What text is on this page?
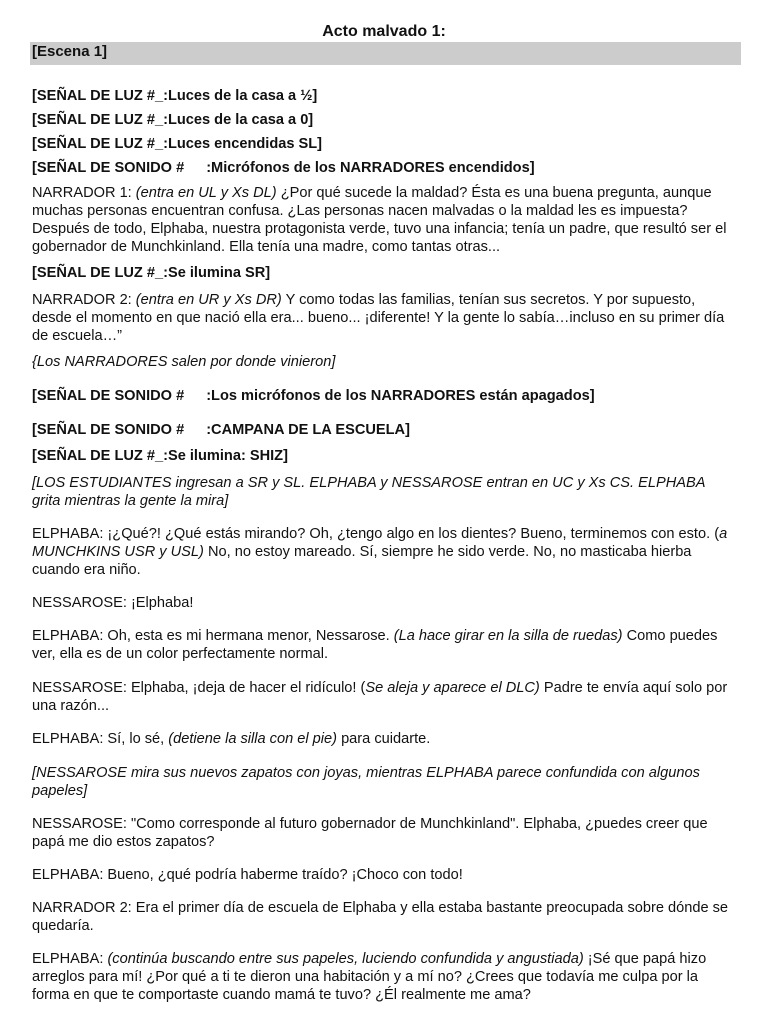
Acto malvado 1:
[Escena 1]
[SEÑAL DE LUZ #_:Luces de la casa a ½]
[SEÑAL DE LUZ #_:Luces de la casa a 0]
[SEÑAL DE LUZ #_:Luces encendidas SL]
[SEÑAL DE SONIDO # :Micrófonos de los NARRADORES encendidos]
NARRADOR 1: (entra en UL y Xs DL) ¿Por qué sucede la maldad? Ésta es una buena pregunta, aunque muchas personas encuentran confusa. ¿Las personas nacen malvadas o la maldad les es impuesta? Después de todo, Elphaba, nuestra protagonista verde, tuvo una infancia; tenía un padre, que resultó ser el gobernador de Munchkinland. Ella tenía una madre, como tantas otras...
[SEÑAL DE LUZ #_:Se ilumina SR]
NARRADOR 2: (entra en UR y Xs DR) Y como todas las familias, tenían sus secretos. Y por supuesto, desde el momento en que nació ella era... bueno... ¡diferente! Y la gente lo sabía…incluso en su primer día de escuela…”
{Los NARRADORES salen por donde vinieron]
[SEÑAL DE SONIDO # :Los micrófonos de los NARRADORES están apagados]
[SEÑAL DE SONIDO # :CAMPANA DE LA ESCUELA]
[SEÑAL DE LUZ #_:Se ilumina: SHIZ]
[LOS ESTUDIANTES ingresan a SR y SL. ELPHABA y NESSAROSE entran en UC y Xs CS. ELPHABA grita mientras la gente la mira]
ELPHABA: ¡¿Qué?! ¿Qué estás mirando? Oh, ¿tengo algo en los dientes? Bueno, terminemos con esto. (a MUNCHKINS USR y USL) No, no estoy mareado. Sí, siempre he sido verde. No, no masticaba hierba cuando era niño.
NESSAROSE: ¡Elphaba!
ELPHABA: Oh, esta es mi hermana menor, Nessarose. (La hace girar en la silla de ruedas) Como puedes ver, ella es de un color perfectamente normal.
NESSAROSE: Elphaba, ¡deja de hacer el ridículo! (Se aleja y aparece el DLC) Padre te envía aquí solo por una razón...
ELPHABA: Sí, lo sé, (detiene la silla con el pie) para cuidarte.
[NESSAROSE mira sus nuevos zapatos con joyas, mientras ELPHABA parece confundida con algunos papeles]
NESSAROSE: "Como corresponde al futuro gobernador de Munchkinland". Elphaba, ¿puedes creer que papá me dio estos zapatos?
ELPHABA: Bueno, ¿qué podría haberme traído? ¡Choco con todo!
NARRADOR 2: Era el primer día de escuela de Elphaba y ella estaba bastante preocupada sobre dónde se quedaría.
ELPHABA: (continúa buscando entre sus papeles, luciendo confundida y angustiada) ¡Sé que papá hizo arreglos para mí! ¿Por qué a ti te dieron una habitación y a mí no? ¿Crees que todavía me culpa por la forma en que te comportaste cuando mamá te tuvo? ¿Él realmente me ama?
